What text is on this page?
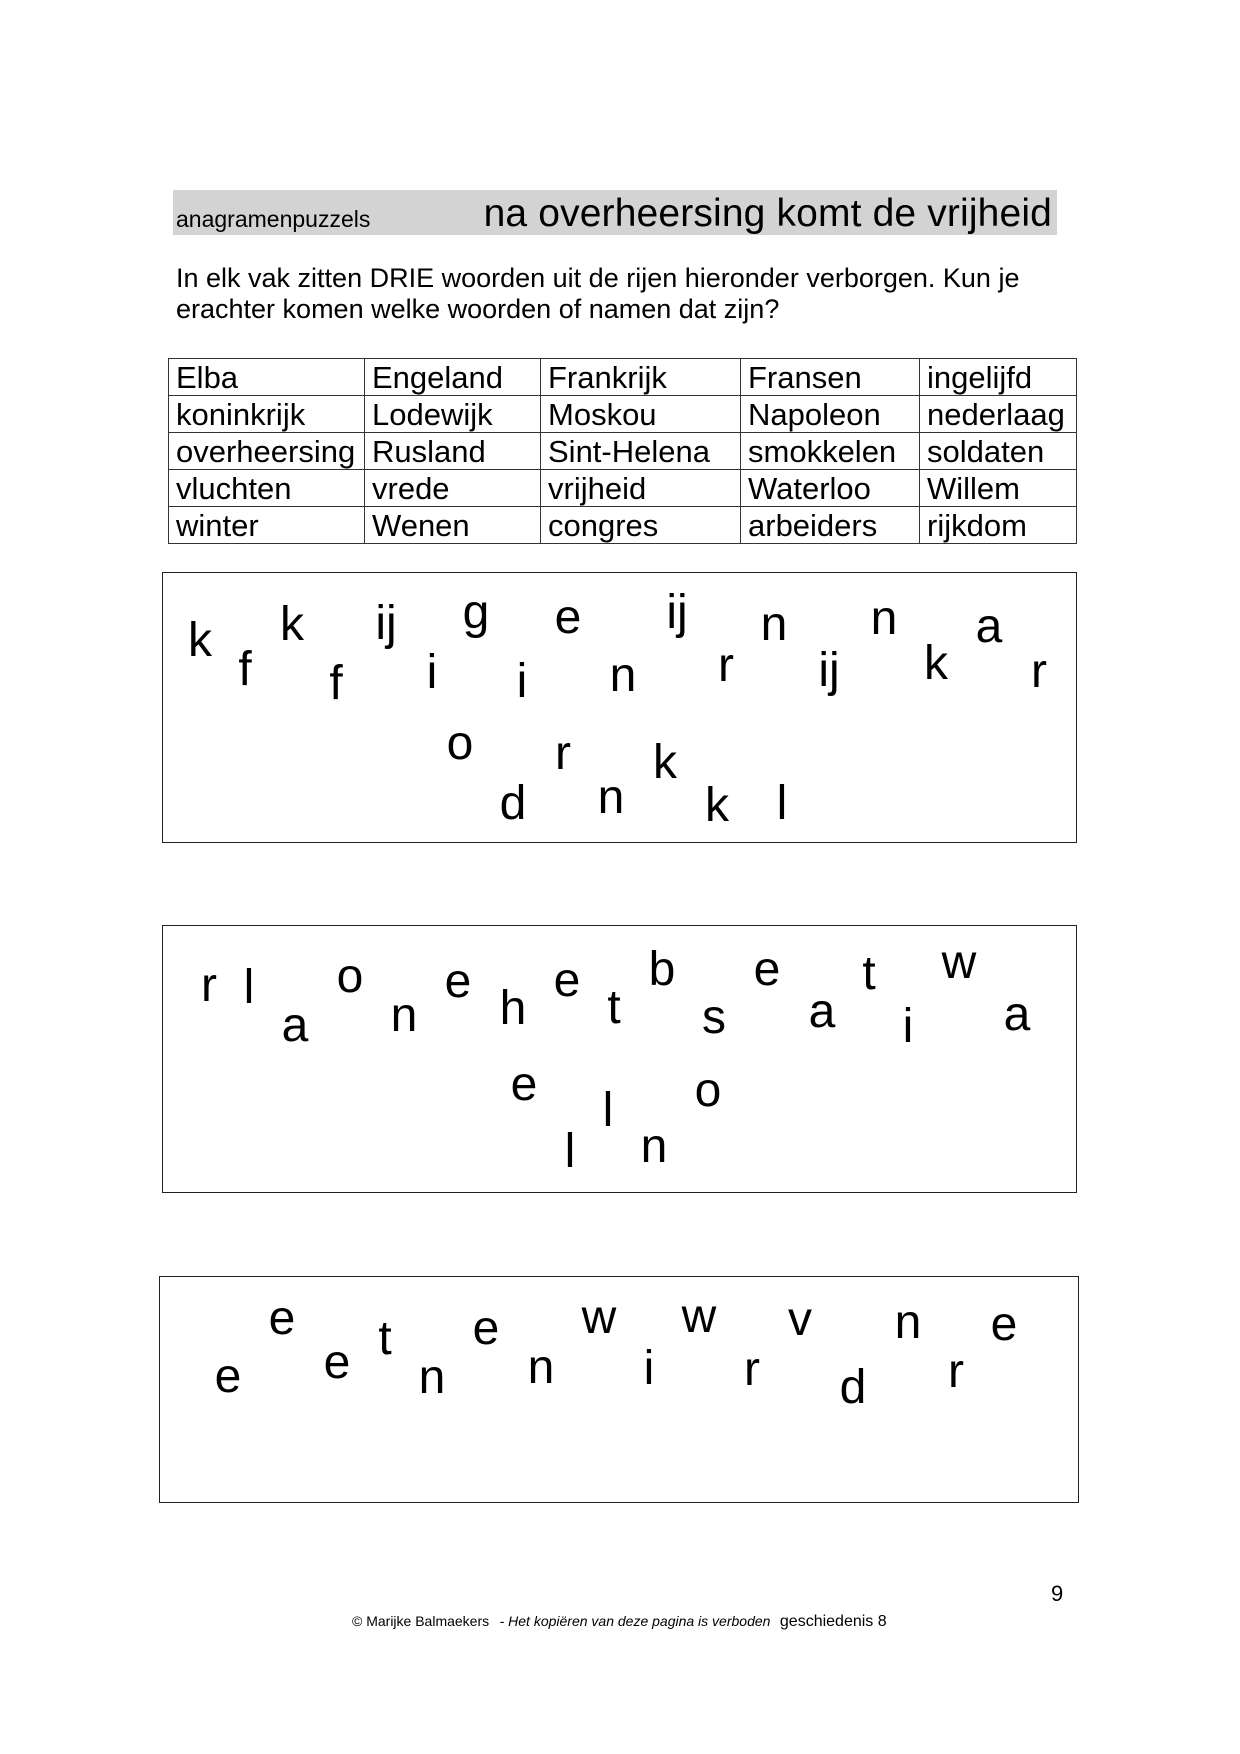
anagramenpuzzels	na overheersing komt de vrijheid
In elk vak zitten DRIE woorden uit de rijen hieronder verborgen. Kun je
erachter komen welke woorden of namen dat zijn?
Elba	Engeland	Frankrijk	Fransen	ingelijfd
koninkrijk	Lodewijk	Moskou	Napoleon	nederlaag
overheersing	Rusland	Sint-Helena	smokkelen	soldaten
vluchten	vrede	vrijheid	Waterloo	Willem
winter	Wenen	congres	arbeiders	rijkdom
k
f
k
f
ij
i
g
i
e
n
ij
r
n
ij
n
k
a
r
o r k
d n k l
r l
a
o
n
e
h
e
t
b
s
e
a
t
i
w
a
e l o
l n
e
e
e t
n
e
n
w
i
w
r
v
d
n
r
e
9
© Marijke Balmaekers - Het kopiëren van deze pagina is verboden geschiedenis 8
